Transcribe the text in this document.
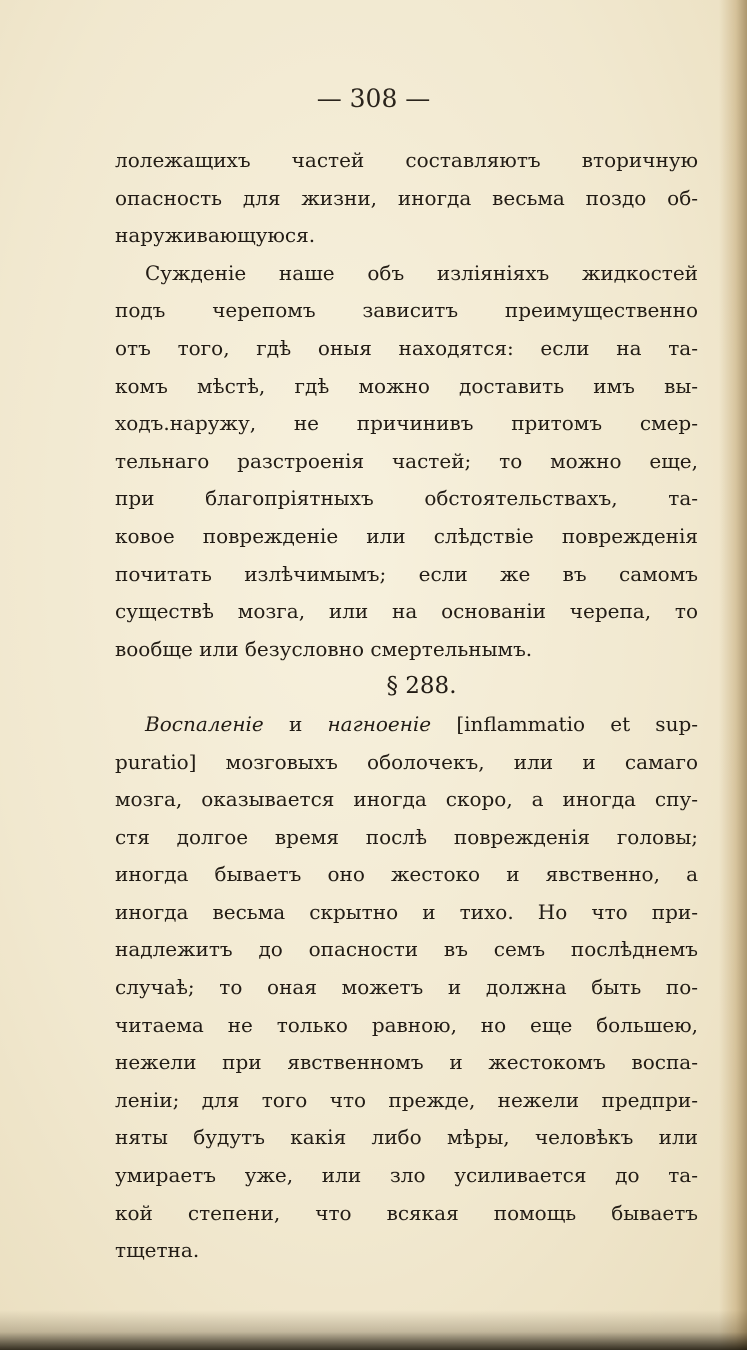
— 308 —
лолежащихъ частей составляютъ вторичную
опасность для жизни, иногда весьма поздо об-
наруживающуюся.
Сужденіе наше объ изліяніяхъ жидкостей
подъ черепомъ зависитъ преимущественно
отъ того, гдѣ оныя находятся: если на та-
комъ мѣстѣ, гдѣ можно доставить имъ вы-
ходъ.наружу, не причинивъ притомъ смер-
тельнаго разстроенія частей; то можно еще,
при благопріятныхъ обстоятельствахъ, та-
ковое поврежденіе или слѣдствіе поврежденія
почитать излѣчимымъ; если же въ самомъ
существѣ мозга, или на основаніи черепа, то
вообще или безусловно смертельнымъ.
§ 288.
Воспаленіе и нагноеніе [inflammatio et sup-
puratio] мозговыхъ оболочекъ, или и самаго
мозга, оказывается иногда скоро, а иногда спу-
стя долгое время послѣ поврежденія головы;
иногда бываетъ оно жестоко и явственно, а
иногда весьма скрытно и тихо. Но что при-
надлежитъ до опасности въ семъ послѣднемъ
случаѣ; то оная можетъ и должна быть по-
читаема не только равною, но еще большею,
нежели при явственномъ и жестокомъ воспа-
леніи; для того что прежде, нежели предпри-
няты будутъ какія либо мѣры, человѣкъ или
умираетъ уже, или зло усиливается до та-
кой степени, что всякая помощь бываетъ
тщетна.
